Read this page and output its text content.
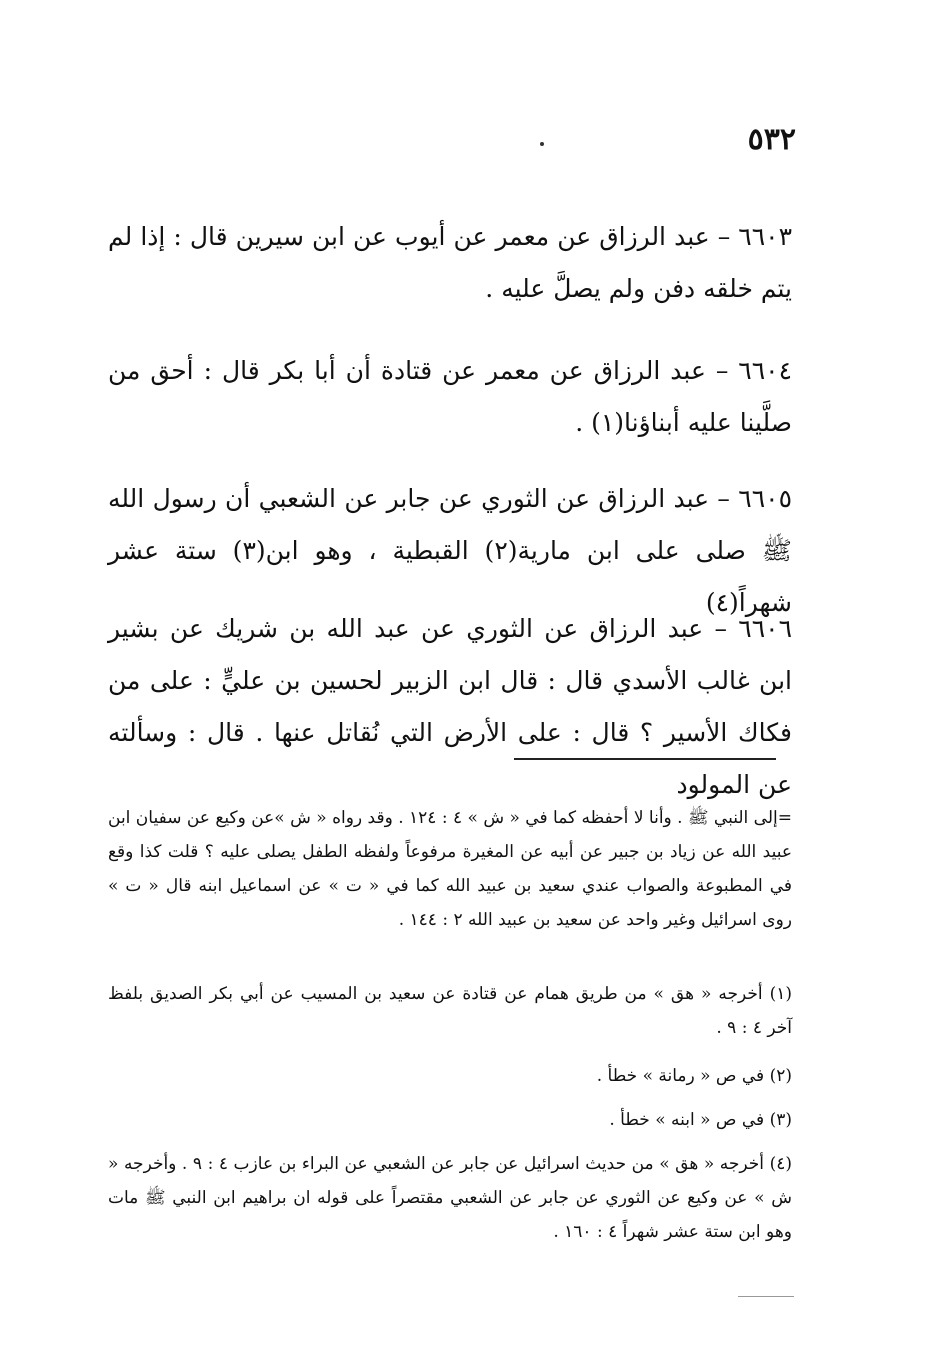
٥٣٢

٦٦٠٣ – عبد الرزاق عن معمر عن أيوب عن ابن سيرين قال : إذا لم يتم خلقه دفن ولم يصلَّ عليه .

٦٦٠٤ – عبد الرزاق عن معمر عن قتادة أن أبا بكر قال : أحق من صلَّينا عليه أبناؤنا(١) .

٦٦٠٥ – عبد الرزاق عن الثوري عن جابر عن الشعبي أن رسول الله ﷺ صلى على ابن مارية(٢) القبطية ، وهو ابن(٣) ستة عشر شهراً(٤)

٦٦٠٦ – عبد الرزاق عن الثوري عن عبد الله بن شريك عن بشير ابن غالب الأسدي قال : قال ابن الزبير لحسين بن عليٍّ : على من فكاك الأسير ؟ قال : على الأرض التي نُقاتل عنها . قال : وسألته عن المولود

=إلى النبي ﷺ . وأنا لا أحفظه كما في « ش » ٤ : ١٢٤ . وقد رواه « ش »عن وكيع عن سفيان ابن عبيد الله عن زياد بن جبير عن أبيه عن المغيرة مرفوعاً ولفظه الطفل يصلى عليه ؟ قلت كذا وقع في المطبوعة والصواب عندي سعيد بن عبيد الله كما في « ت » عن اسماعيل ابنه قال « ت » روى اسرائيل وغير واحد عن سعيد بن عبيد الله ٢ : ١٤٤ .

(١) أخرجه « هق » من طريق همام عن قتادة عن سعيد بن المسيب عن أبي بكر الصديق بلفظ آخر ٤ : ٩ .

(٢) في ص « رمانة » خطأ .

(٣) في ص « ابنه » خطأ .

(٤) أخرجه « هق » من حديث اسرائيل عن جابر عن الشعبي عن البراء بن عازب ٤ : ٩ . وأخرجه « ش » عن وكيع عن الثوري عن جابر عن الشعبي مقتصراً على قوله ان براهيم ابن النبي ﷺ مات وهو ابن ستة عشر شهراً ٤ : ١٦٠ .
